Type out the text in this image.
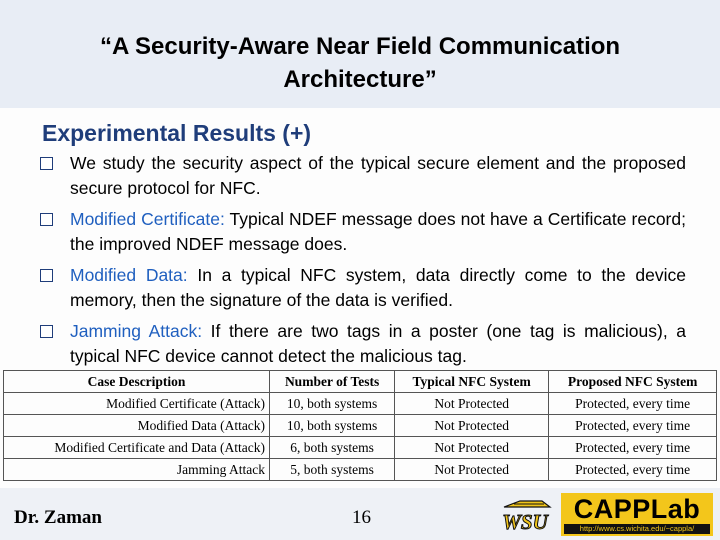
“A Security-Aware Near Field Communication
Architecture”
Experimental Results (+)
We study the security aspect of the typical secure element and the proposed secure protocol for NFC.
Modified Certificate: Typical NDEF message does not have a Certificate record; the improved NDEF message does.
Modified Data: In a typical NFC system, data directly come to the device memory, then the signature of the data is verified.
Jamming Attack: If there are two tags in a poster (one tag is malicious), a typical NFC device cannot detect the malicious tag.
Case Description	Number of Tests	Typical NFC System	Proposed NFC System
Modified Certificate (Attack)	10, both systems	Not Protected	Protected, every time
Modified Data (Attack)	10, both systems	Not Protected	Protected, every time
Modified Certificate and Data (Attack)	6, both systems	Not Protected	Protected, every time
Jamming Attack	5, both systems	Not Protected	Protected, every time
Dr. Zaman	16	WSU CAPPLab
http://www.cs.wichita.edu/~cappla/
